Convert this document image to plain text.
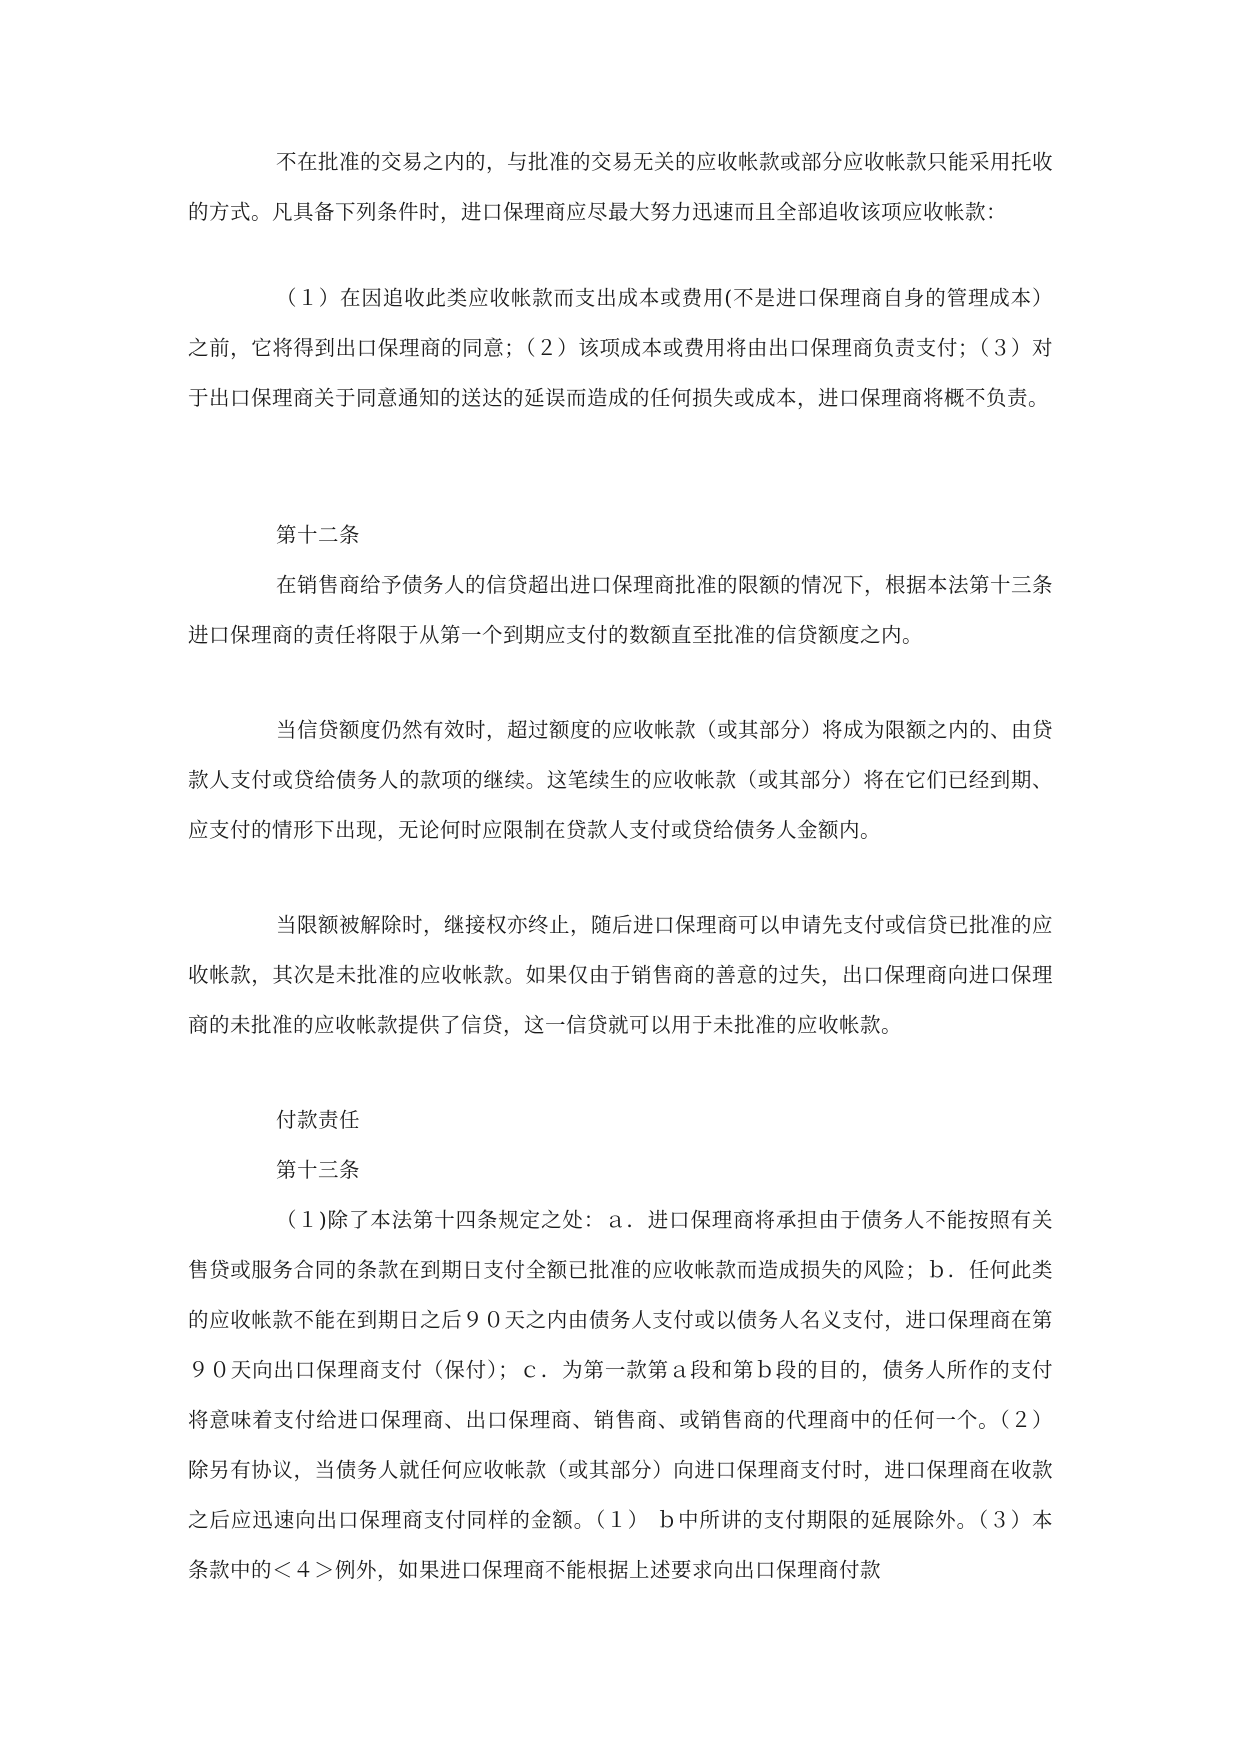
不在批准的交易之内的，与批准的交易无关的应收帐款或部分应收帐款只能采用托收的方式。凡具备下列条件时，进口保理商应尽最大努力迅速而且全部追收该项应收帐款：

（１）在因追收此类应收帐款而支出成本或费用(不是进口保理商自身的管理成本）之前，它将得到出口保理商的同意；（２）该项成本或费用将由出口保理商负责支付；（３）对于出口保理商关于同意通知的送达的延误而造成的任何损失或成本，进口保理商将概不负责。

第十二条

在销售商给予债务人的信贷超出进口保理商批准的限额的情况下，根据本法第十三条进口保理商的责任将限于从第一个到期应支付的数额直至批准的信贷额度之内。

当信贷额度仍然有效时，超过额度的应收帐款（或其部分）将成为限额之内的、由贷款人支付或贷给债务人的款项的继续。这笔续生的应收帐款（或其部分）将在它们已经到期、应支付的情形下出现，无论何时应限制在贷款人支付或贷给债务人金额内。

当限额被解除时，继接权亦终止，随后进口保理商可以申请先支付或信贷已批准的应收帐款，其次是未批准的应收帐款。如果仅由于销售商的善意的过失，出口保理商向进口保理商的未批准的应收帐款提供了信贷，这一信贷就可以用于未批准的应收帐款。

付款责任

第十三条

（１)除了本法第十四条规定之处：ａ．进口保理商将承担由于债务人不能按照有关售贷或服务合同的条款在到期日支付全额已批准的应收帐款而造成损失的风险；ｂ．任何此类的应收帐款不能在到期日之后９０天之内由债务人支付或以债务人名义支付，进口保理商在第９０天向出口保理商支付（保付）；ｃ．为第一款第ａ段和第ｂ段的目的，债务人所作的支付将意味着支付给进口保理商、出口保理商、销售商、或销售商的代理商中的任何一个。（２）除另有协议，当债务人就任何应收帐款（或其部分）向进口保理商支付时，进口保理商在收款之后应迅速向出口保理商支付同样的金额。（１） ｂ中所讲的支付期限的延展除外。（３）本条款中的＜４＞例外，如果进口保理商不能根据上述要求向出口保理商付款
